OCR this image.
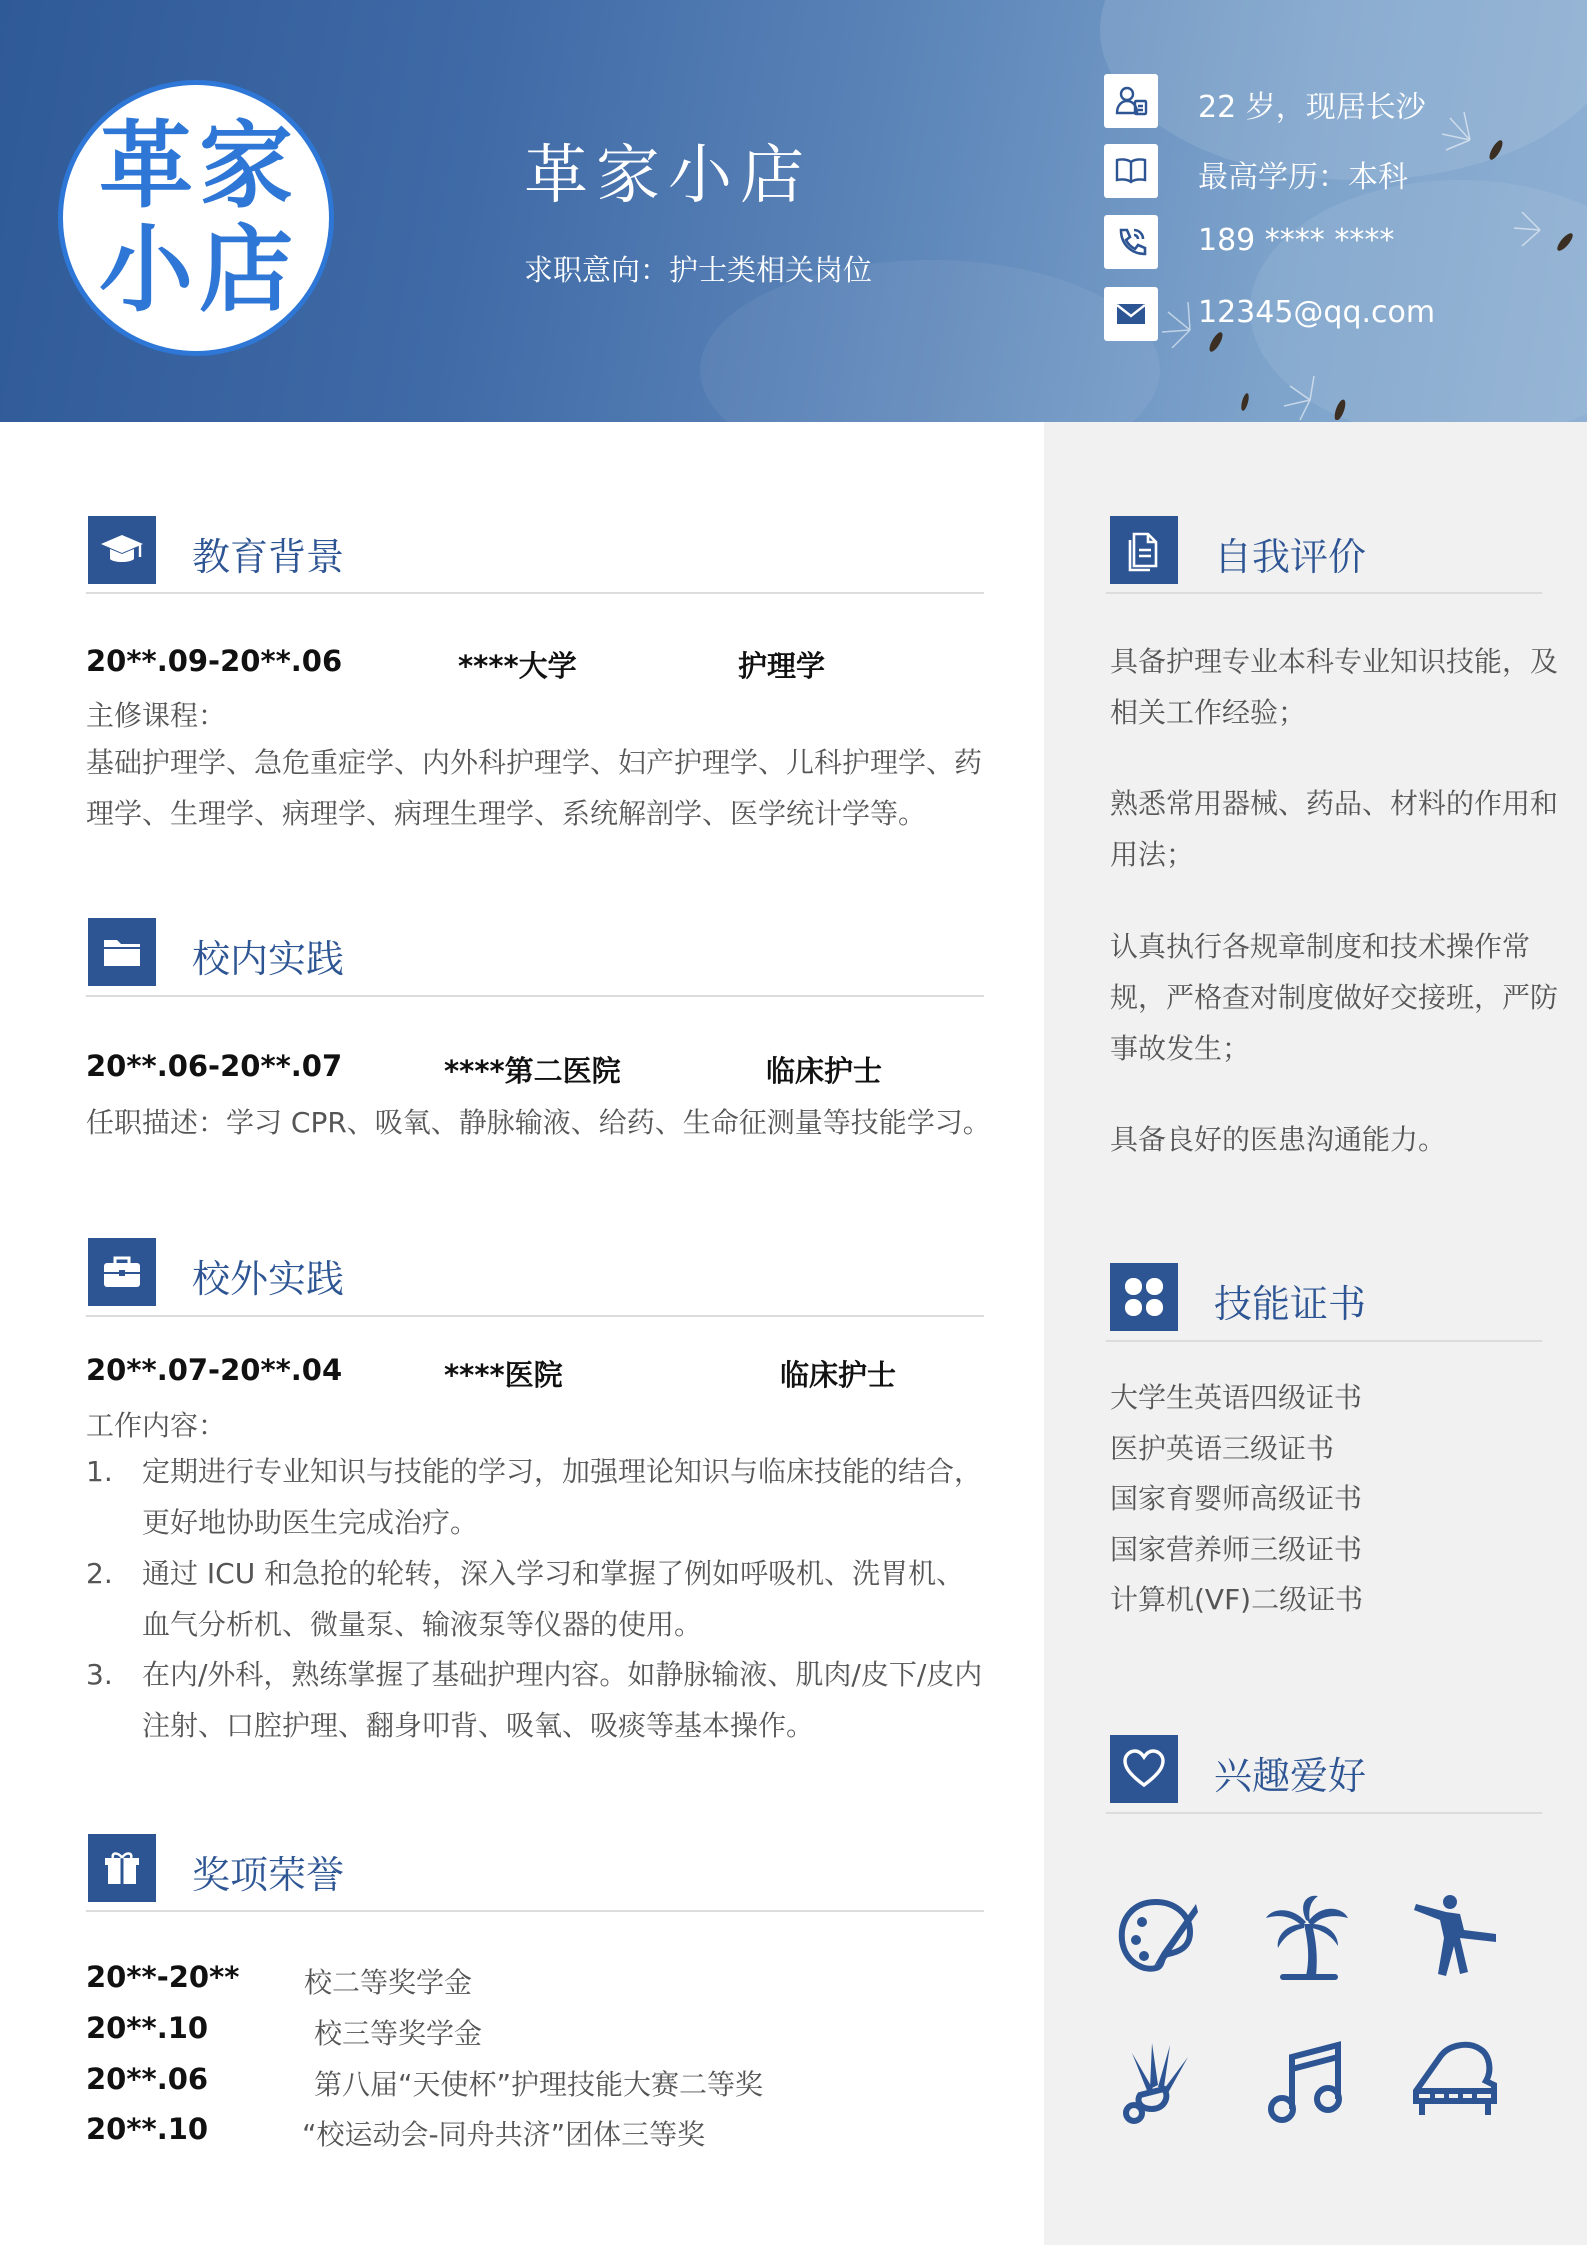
革 家
小 店
革家小店
求职意向：护士类相关岗位
22 岁，现居长沙
最高学历：本科
189 **** ****
12345@qq.com
教育背景
20**.09-20**.06	****大学	护理学
主修课程：
基础护理学、急危重症学、内外科护理学、妇产护理学、儿科护理学、药理学、生理学、病理学、病理生理学、系统解剖学、医学统计学等。
校内实践
20**.06-20**.07	****第二医院	临床护士
任职描述：学习 CPR、吸氧、静脉输液、给药、生命征测量等技能学习。
校外实践
20**.07-20**.04	****医院	临床护士
工作内容：
1. 定期进行专业知识与技能的学习，加强理论知识与临床技能的结合，更好地协助医生完成治疗。
2. 通过 ICU 和急抢的轮转，深入学习和掌握了例如呼吸机、洗胃机、血气分析机、微量泵、输液泵等仪器的使用。
3. 在内/外科，熟练掌握了基础护理内容。如静脉输液、肌肉/皮下/皮内注射、口腔护理、翻身叩背、吸氧、吸痰等基本操作。
奖项荣誉
20**-20** 校二等奖学金
20**.10	校三等奖学金
20**.06	第八届“天使杯”护理技能大赛二等奖
20**.10	“校运动会-同舟共济”团体三等奖
自我评价
具备护理专业本科专业知识技能，及相关工作经验；
熟悉常用器械、药品、材料的作用和用法；
认真执行各规章制度和技术操作常规，严格查对制度做好交接班，严防事故发生；
具备良好的医患沟通能力。
技能证书
大学生英语四级证书
医护英语三级证书
国家育婴师高级证书
国家营养师三级证书
计算机(VF)二级证书
兴趣爱好
